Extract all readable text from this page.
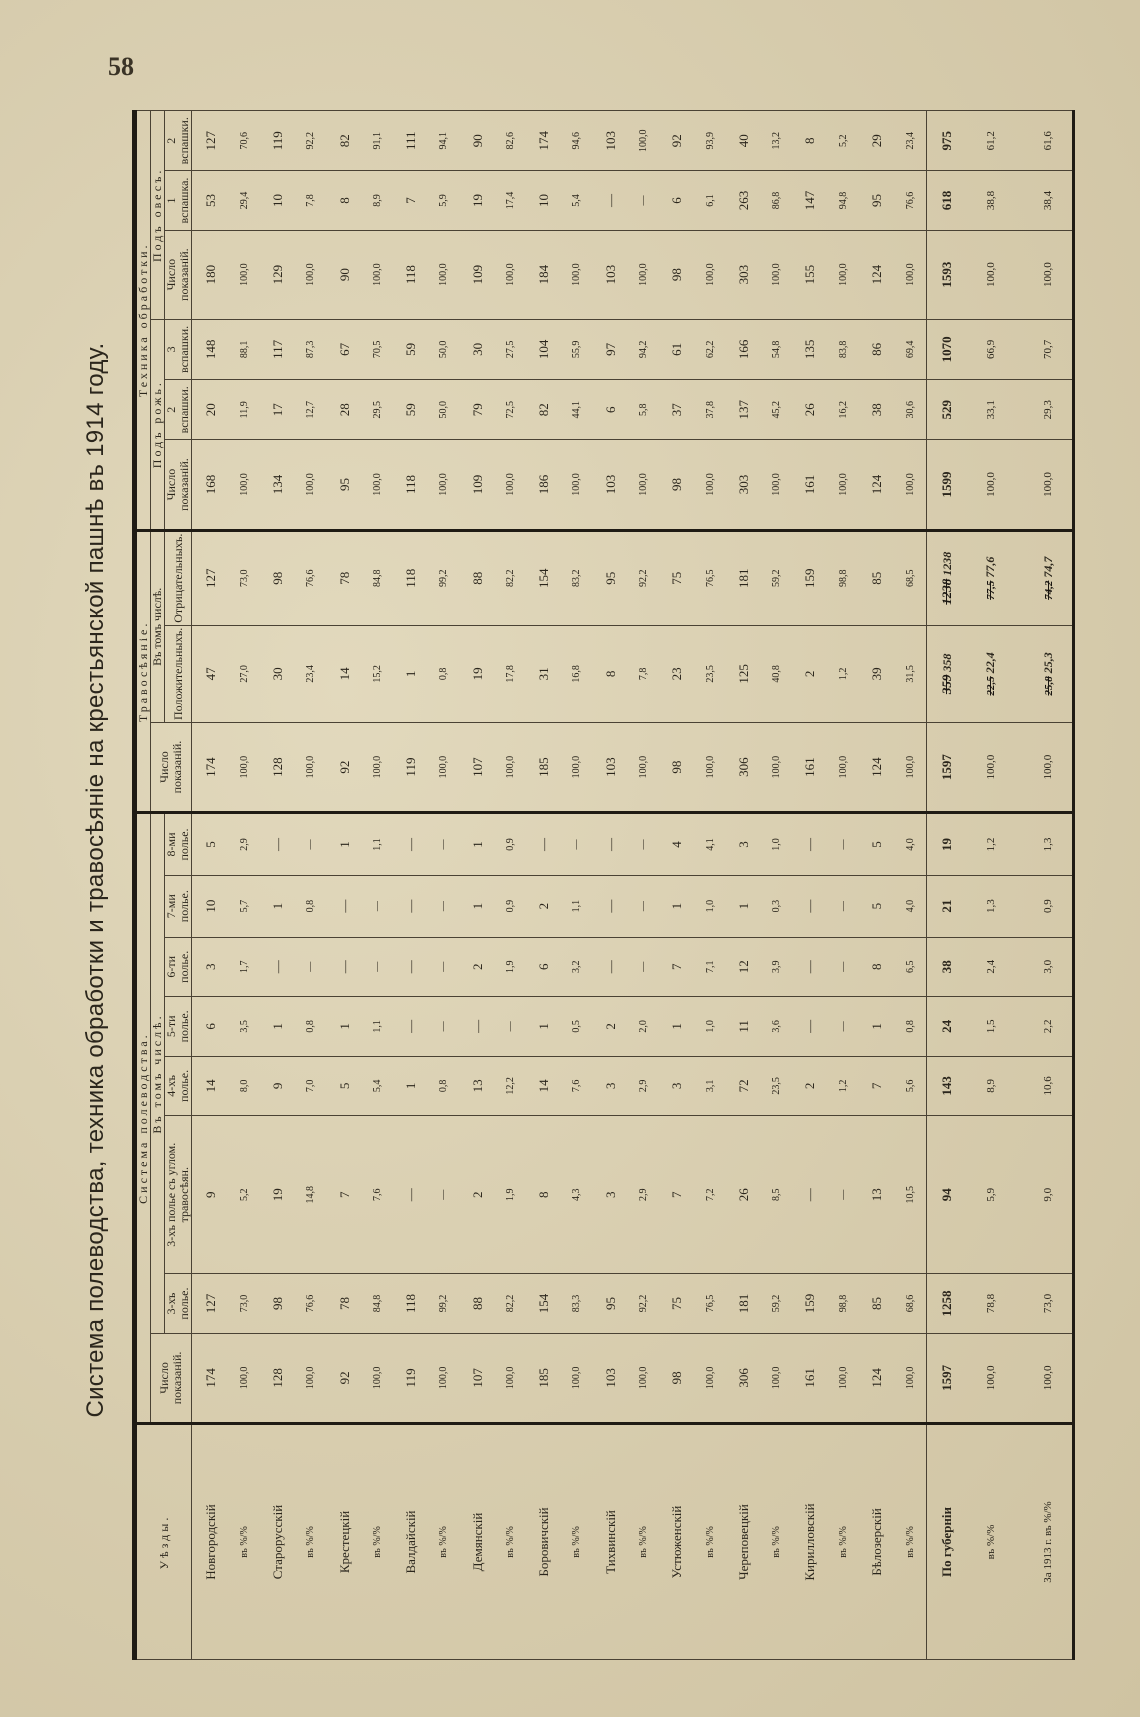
58
Система полеводства, техника обработки и травосѣяніе на крестьянской пашнѣ въ 1914 году.
Уѣзды.	Система полеводства.								Травосѣяніе.			Техника обработки.					
	Число показаній.	Въ томъ числѣ.							Число показаній.	Въ томъ числѣ.		Подъ рожь.			Подъ овесъ.		
		3-хъ полье.	3-хъ полье съ углом. травосѣян.	4-хъ полье.	5-ти полье.	6-ти полье.	7-ми полье.	8-ми полье.		Положительныхъ.	Отрицательныхъ.	Число показаній.	2 вспашки.	3 вспашки.	Число показаній.	1 вспашка.	2 вспашки.
Новгородскій	174	127	9	14	6	3	10	5	174	47	127	168	20	148	180	53	127
въ %/%	100,0	73,0	5,2	8,0	3,5	1,7	5,7	2,9	100,0	27,0	73,0	100,0	11,9	88,1	100,0	29,4	70,6
Старорусскій	128	98	19	9	1	—	1	—	128	30	98	134	17	117	129	10	119
въ %/%	100,0	76,6	14,8	7,0	0,8	—	0,8	—	100,0	23,4	76,6	100,0	12,7	87,3	100,0	7,8	92,2
Крестецкій	92	78	7	5	1	—	—	1	92	14	78	95	28	67	90	8	82
въ %/%	100,0	84,8	7,6	5,4	1,1	—	—	1,1	100,0	15,2	84,8	100,0	29,5	70,5	100,0	8,9	91,1
Валдайскій	119	118	—	1	—	—	—	—	119	1	118	118	59	59	118	7	111
въ %/%	100,0	99,2	—	0,8	—	—	—	—	100,0	0,8	99,2	100,0	50,0	50,0	100,0	5,9	94,1
Демянскій	107	88	2	13	—	2	1	1	107	19	88	109	79	30	109	19	90
въ %/%	100,0	82,2	1,9	12,2	—	1,9	0,9	0,9	100,0	17,8	82,2	100,0	72,5	27,5	100,0	17,4	82,6
Боровичскій	185	154	8	14	1	6	2	—	185	31	154	186	82	104	184	10	174
въ %/%	100,0	83,3	4,3	7,6	0,5	3,2	1,1	—	100,0	16,8	83,2	100,0	44,1	55,9	100,0	5,4	94,6
Тихвинскій	103	95	3	3	2	—	—	—	103	8	95	103	6	97	103	—	103
въ %/%	100,0	92,2	2,9	2,9	2,0	—	—	—	100,0	7,8	92,2	100,0	5,8	94,2	100,0	—	100,0
Устюженскій	98	75	7	3	1	7	1	4	98	23	75	98	37	61	98	6	92
въ %/%	100,0	76,5	7,2	3,1	1,0	7,1	1,0	4,1	100,0	23,5	76,5	100,0	37,8	62,2	100,0	6,1	93,9
Череповецкій	306	181	26	72	11	12	1	3	306	125	181	303	137	166	303	263	40
въ %/%	100,0	59,2	8,5	23,5	3,6	3,9	0,3	1,0	100,0	40,8	59,2	100,0	45,2	54,8	100,0	86,8	13,2
Кирилловскій	161	159	—	2	—	—	—	—	161	2	159	161	26	135	155	147	8
въ %/%	100,0	98,8	—	1,2	—	—	—	—	100,0	1,2	98,8	100,0	16,2	83,8	100,0	94,8	5,2
Бѣлозерскій	124	85	13	7	1	8	5	5	124	39	85	124	38	86	124	95	29
въ %/%	100,0	68,6	10,5	5,6	0,8	6,5	4,0	4,0	100,0	31,5	68,5	100,0	30,6	69,4	100,0	76,6	23,4
По губерніи	1597	1258	94	143	24	38	21	19	1597	359358	12381238	1599	529	1070	1593	618	975
въ %/%	100,0	78,8	5,9	8,9	1,5	2,4	1,3	1,2	100,0	22,522,4	77,577,6	100,0	33,1	66,9	100,0	38,8	61,2
За 1913 г. въ %/%	100,0	73,0	9,0	10,6	2,2	3,0	0,9	1,3	100,0	25,825,3	74,274,7	100,0	29,3	70,7	100,0	38,4	61,6
